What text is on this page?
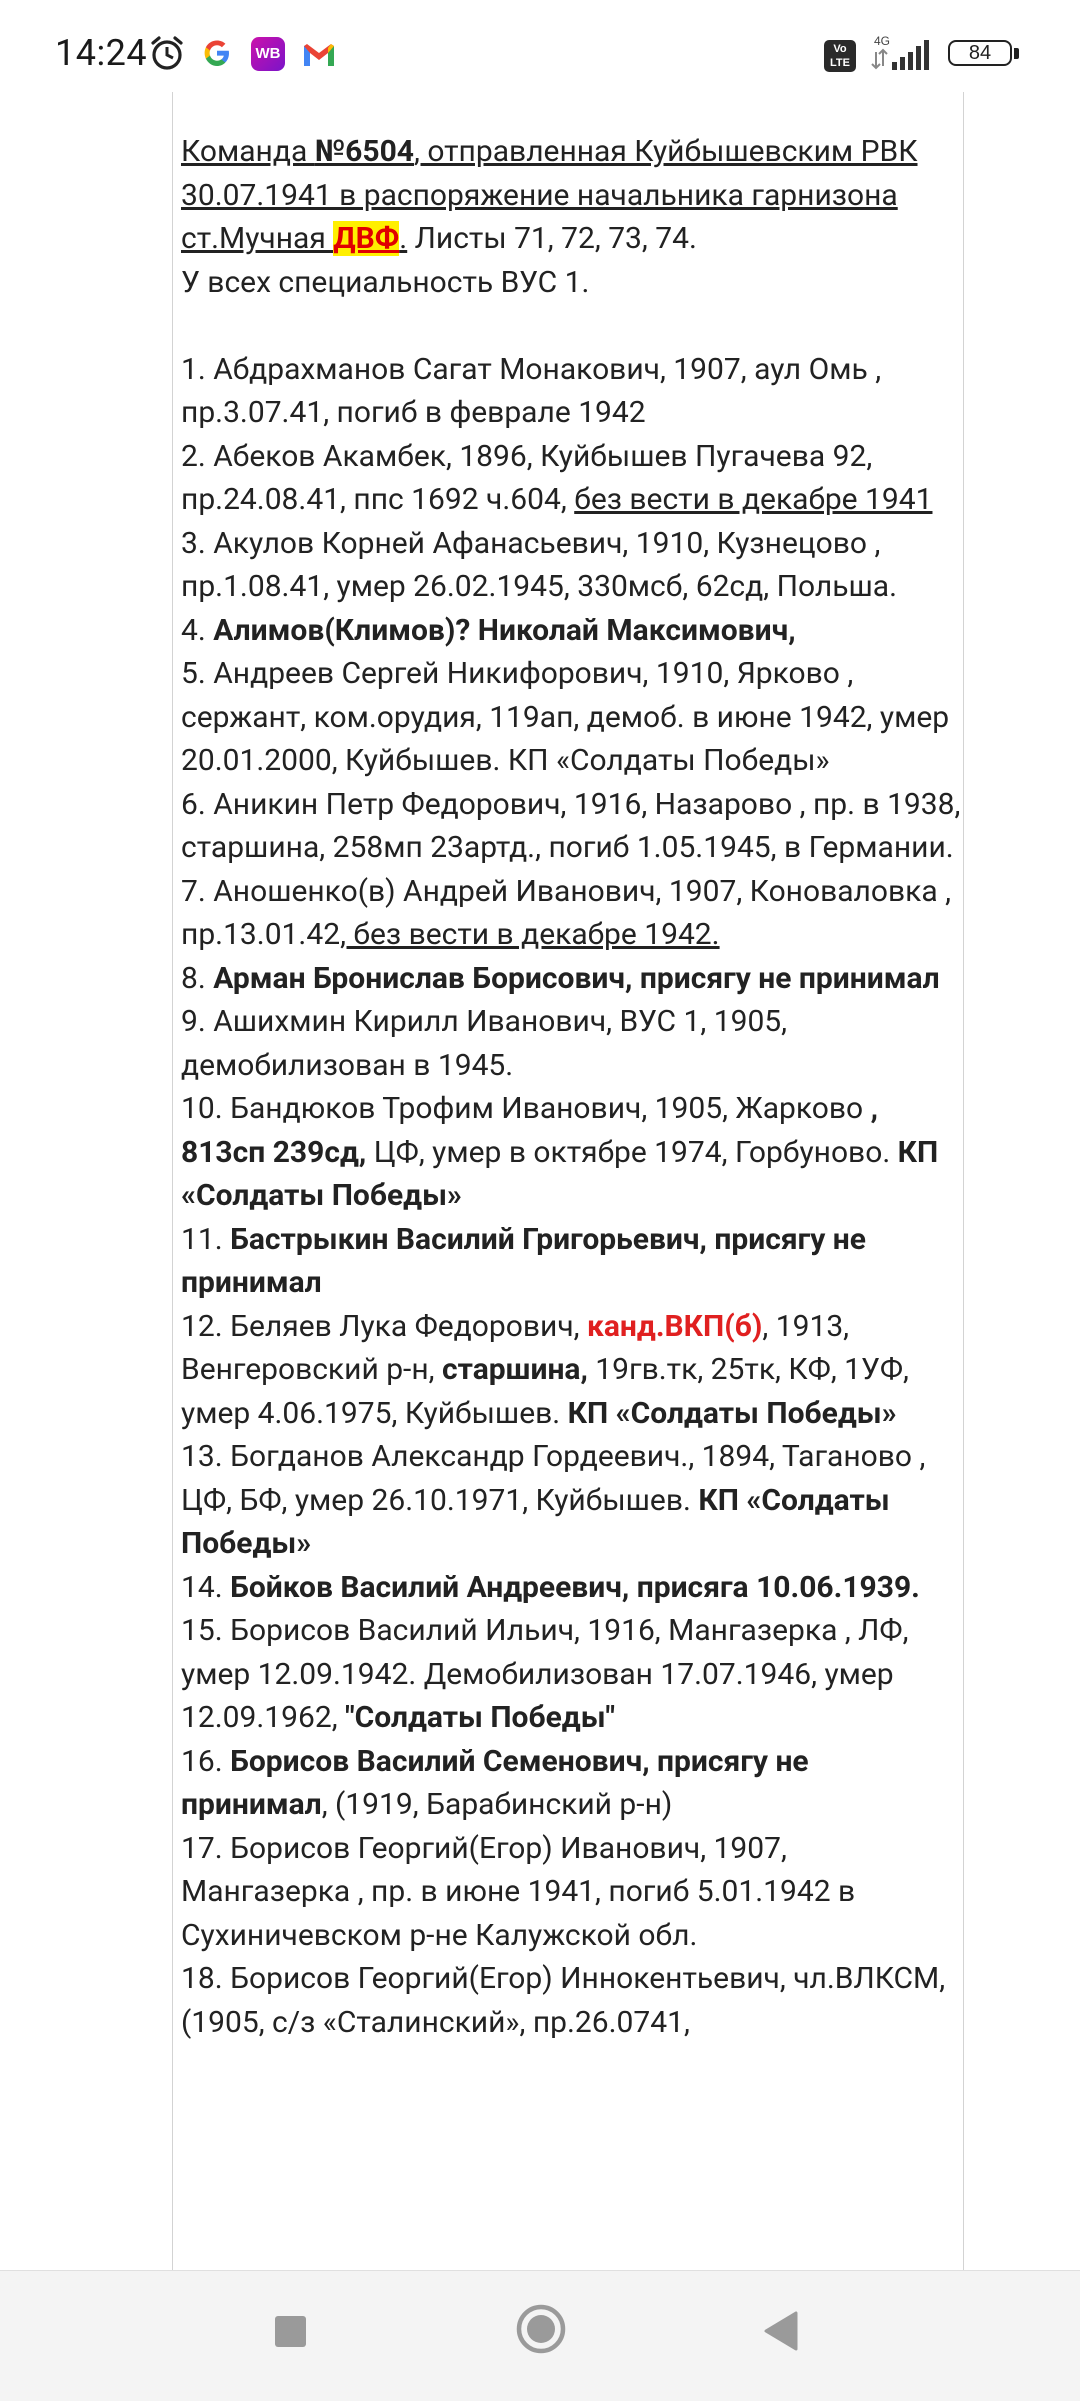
14:24	WB	Vo
LTE
4G
84

Команда №6504, отправленная Куйбышевским РВК 30.07.1941 в распоряжение начальника гарнизона ст.Мучная ДВФ. Листы 71, 72, 73, 74.

У всех специальность ВУС 1.

1. Абдрахманов Сагат Монакович, 1907, аул Омь , пр.3.07.41, погиб в феврале 1942

2. Абеков Акамбек, 1896, Куйбышев Пугачева 92, пр.24.08.41, ппс 1692 ч.604, без вести в декабре 1941

3. Акулов Корней Афанасьевич, 1910, Кузнецово , пр.1.08.41, умер 26.02.1945, 330мсб, 62сд, Польша.

4. Алимов(Климов)? Николай Максимович,

5. Андреев Сергей Никифорович, 1910, Ярково , сержант, ком.орудия, 119ап, демоб. в июне 1942, умер 20.01.2000, Куйбышев. КП «Солдаты Победы»

6. Аникин Петр Федорович, 1916, Назарово , пр. в 1938, старшина, 258мп 23артд., погиб 1.05.1945, в Германии.

7. Аношенко(в) Андрей Иванович, 1907, Коноваловка , пр.13.01.42, без вести в декабре 1942.

8. Арман Бронислав Борисович, присягу не принимал

9. Ашихмин Кирилл Иванович, ВУС 1, 1905, демобилизован в 1945.

10. Бандюков Трофим Иванович, 1905, Жарково , 813сп 239сд, ЦФ, умер в октябре 1974, Горбуново. КП «Солдаты Победы»

11. Бастрыкин Василий Григорьевич, присягу не принимал

12. Беляев Лука Федорович, канд.ВКП(б), 1913, Венгеровский р-н, старшина, 19гв.тк, 25тк, КФ, 1УФ, умер 4.06.1975, Куйбышев. КП «Солдаты Победы»

13. Богданов Александр Гордеевич., 1894, Таганово , ЦФ, БФ, умер 26.10.1971, Куйбышев. КП «Солдаты Победы»

14. Бойков Василий Андреевич, присяга 10.06.1939.

15. Борисов Василий Ильич, 1916, Мангазерка , ЛФ, умер 12.09.1942. Демобилизован 17.07.1946, умер 12.09.1962, "Солдаты Победы"

16. Борисов Василий Семенович, присягу не принимал, (1919, Барабинский р-н)

17. Борисов Георгий(Егор) Иванович, 1907, Мангазерка , пр. в июне 1941, погиб 5.01.1942 в Сухиничевском р-не Калужской обл.

18. Борисов Георгий(Егор) Иннокентьевич, чл.ВЛКСМ, (1905, с/з «Сталинский», пр.26.0741,
